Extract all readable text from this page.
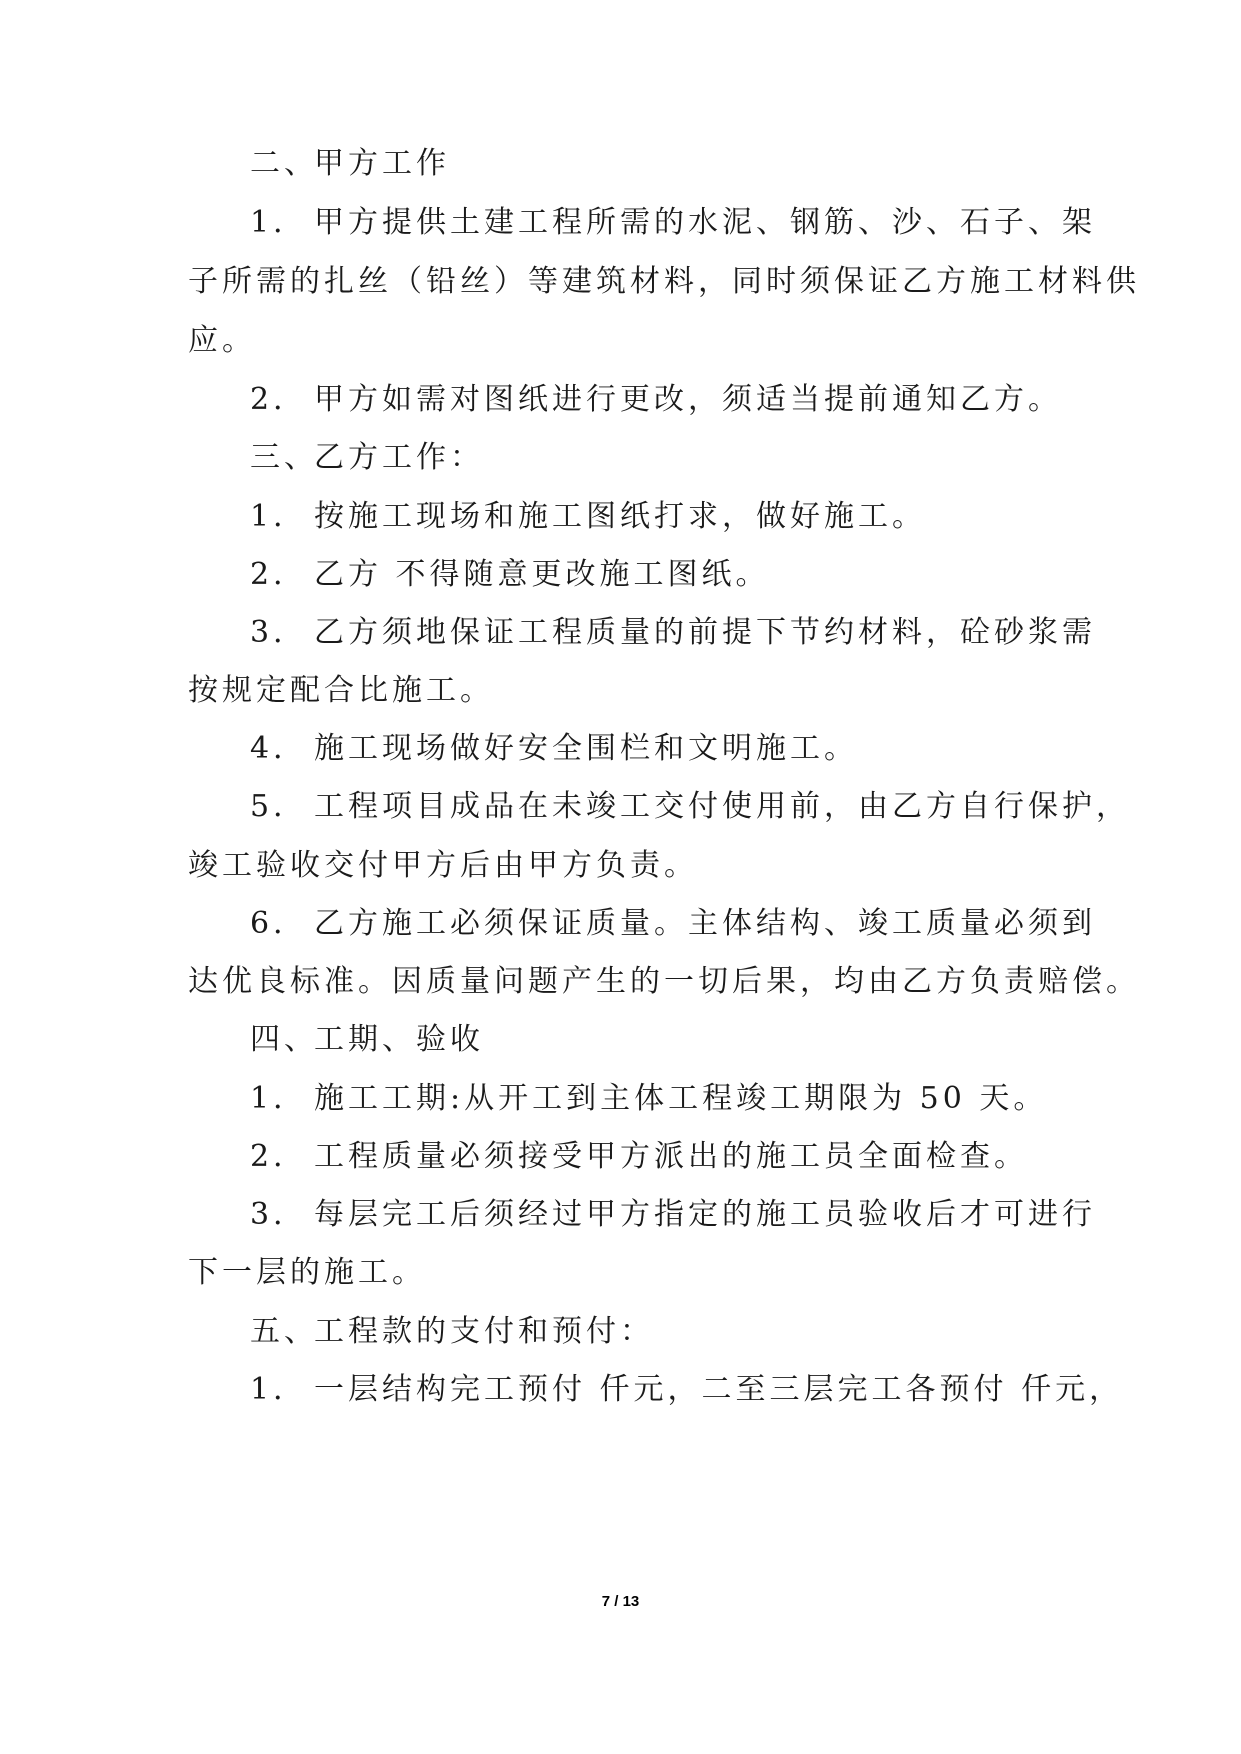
二、甲方工作
1． 甲方提供土建工程所需的水泥、钢筋、沙、石子、架
子所需的扎丝（铅丝）等建筑材料，同时须保证乙方施工材料供
应。
2． 甲方如需对图纸进行更改，须适当提前通知乙方。
三、乙方工作：
1． 按施工现场和施工图纸打求，做好施工。
2． 乙方 不得随意更改施工图纸。
3． 乙方须地保证工程质量的前提下节约材料，砼砂浆需
按规定配合比施工。
4． 施工现场做好安全围栏和文明施工。
5． 工程项目成品在未竣工交付使用前，由乙方自行保护，
竣工验收交付甲方后由甲方负责。
6． 乙方施工必须保证质量。主体结构、竣工质量必须到
达优良标准。因质量问题产生的一切后果，均由乙方负责赔偿。
四、工期、验收
1． 施工工期:从开工到主体工程竣工期限为 50 天。
2． 工程质量必须接受甲方派出的施工员全面检查。
3． 每层完工后须经过甲方指定的施工员验收后才可进行
下一层的施工。
五、工程款的支付和预付：
1． 一层结构完工预付 仟元，二至三层完工各预付 仟元，
7 / 13
